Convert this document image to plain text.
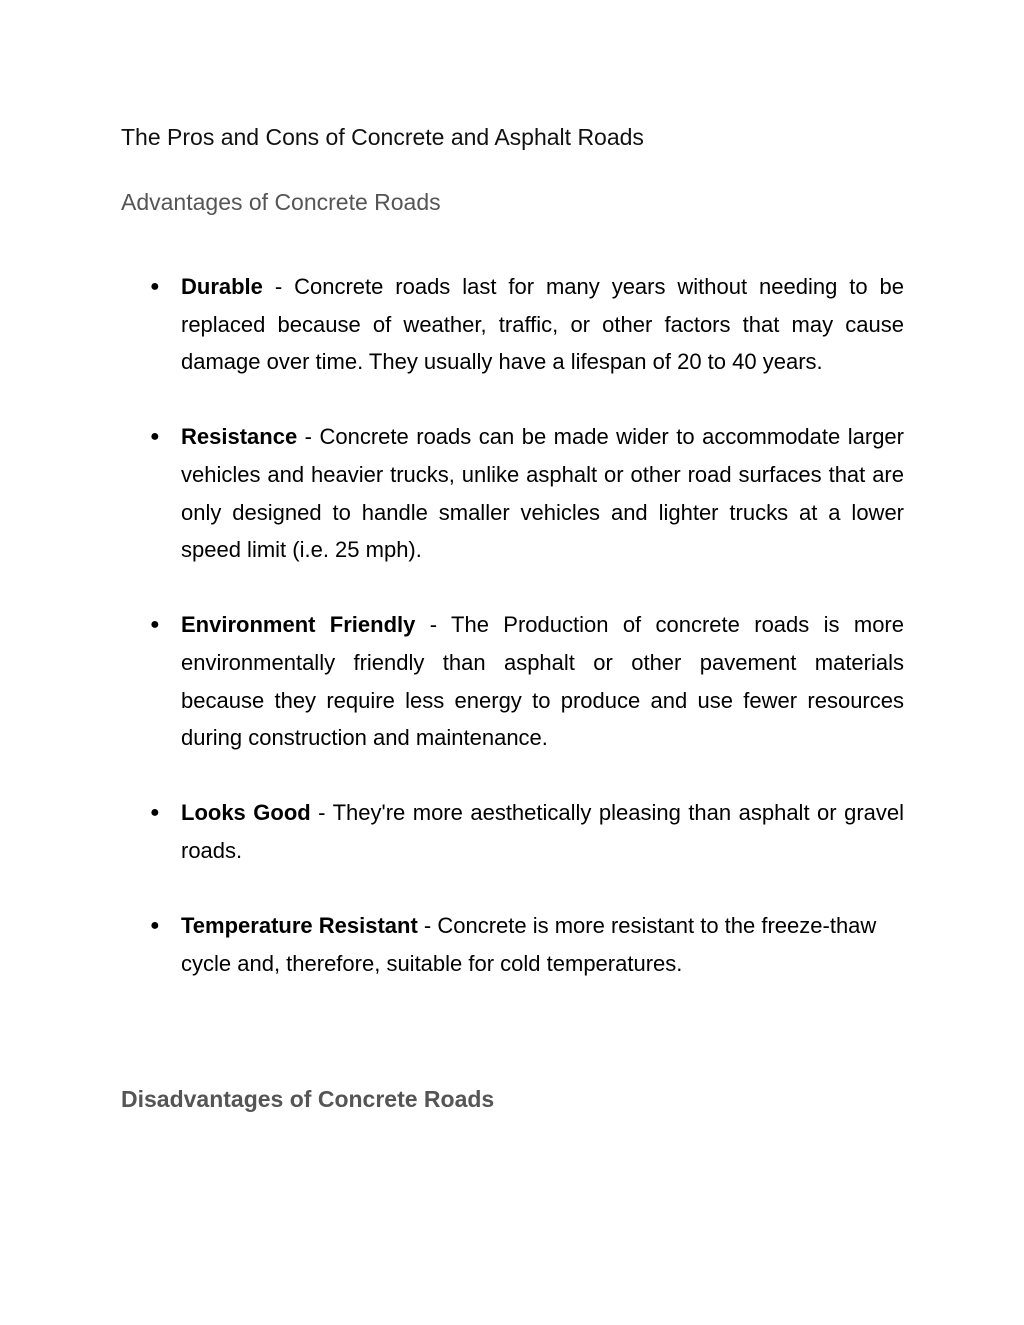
The Pros and Cons of Concrete and Asphalt Roads
Advantages of Concrete Roads
● Durable - Concrete roads last for many years without needing to be replaced because of weather, traffic, or other factors that may cause damage over time. They usually have a lifespan of 20 to 40 years.
● Resistance - Concrete roads can be made wider to accommodate larger vehicles and heavier trucks, unlike asphalt or other road surfaces that are only designed to handle smaller vehicles and lighter trucks at a lower speed limit (i.e. 25 mph).
● Environment Friendly - The Production of concrete roads is more environmentally friendly than asphalt or other pavement materials because they require less energy to produce and use fewer resources during construction and maintenance.
● Looks Good - They're more aesthetically pleasing than asphalt or gravel roads.
● Temperature Resistant - Concrete is more resistant to the freeze-thaw cycle and, therefore, suitable for cold temperatures.
Disadvantages of Concrete Roads
